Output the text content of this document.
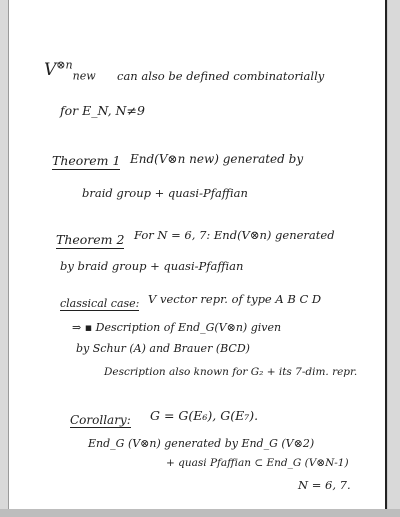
$V^{\otimes n}_{new}$ can also be defined combinatorially
for E_N, N≠9
Theorem 1 End(V⊗n new) generated by
braid group + quasi-Pfaffian
Theorem 2 For N = 6, 7: End(V⊗n) generated
by braid group + quasi-Pfaffian
classical case: V vector repr. of type A B C D
⇒ ▪ Description of End_G(V⊗n) given
by Schur (A) and Brauer (BCD)
Description also known for G₂ + its 7-dim. repr.
Corollary: G = G(E₆), G(E₇).
End_G (V⊗n) generated by End_G (V⊗2)
+ quasi Pfaffian ⊂ End_G (V⊗N-1)
N = 6, 7.
